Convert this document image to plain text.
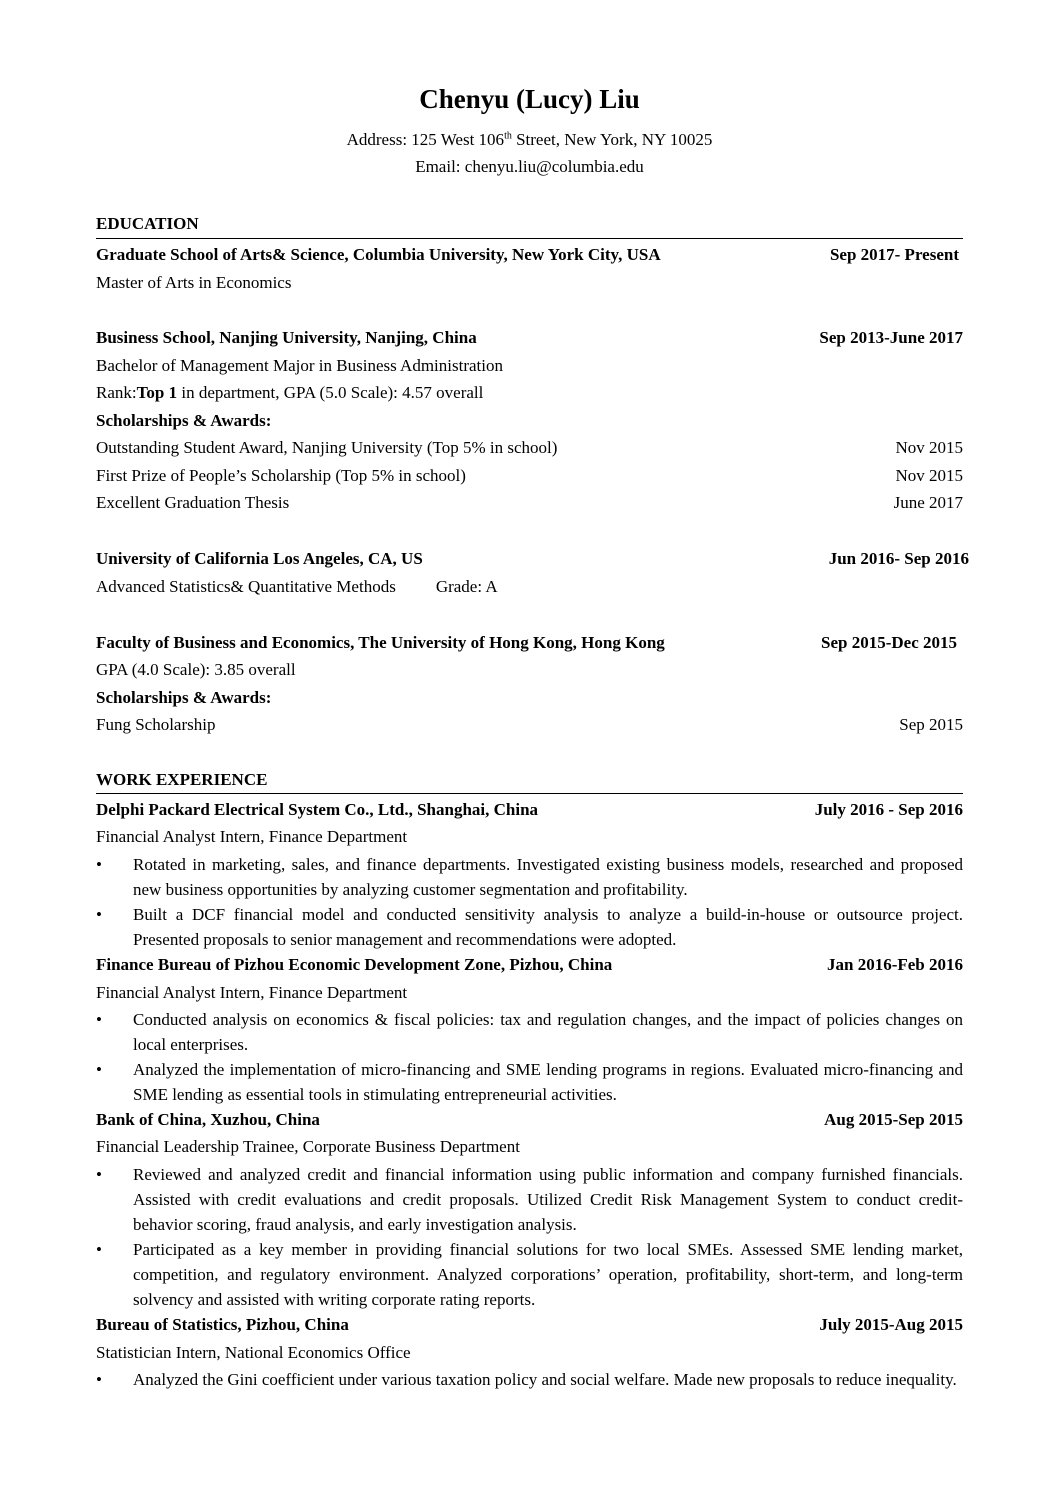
Chenyu (Lucy) Liu
Address: 125 West 106th Street, New York, NY 10025
Email: chenyu.liu@columbia.edu
EDUCATION
Graduate School of Arts& Science, Columbia University, New York City, USA	Sep 2017- Present
Master of Arts in Economics
Business School, Nanjing University, Nanjing, China	Sep 2013-June 2017
Bachelor of Management Major in Business Administration
Rank: Top 1 in department, GPA (5.0 Scale): 4.57 overall
Scholarships & Awards:
Outstanding Student Award, Nanjing University (Top 5% in school)	Nov 2015
First Prize of People’s Scholarship (Top 5% in school)	Nov 2015
Excellent Graduation Thesis	June 2017
University of California Los Angeles, CA, US	Jun 2016- Sep 2016
Advanced Statistics& Quantitative Methods Grade: A
Faculty of Business and Economics, The University of Hong Kong, Hong Kong	Sep 2015-Dec 2015
GPA (4.0 Scale): 3.85 overall
Scholarships & Awards:
Fung Scholarship	Sep 2015
WORK EXPERIENCE
Delphi Packard Electrical System Co., Ltd., Shanghai, China	July 2016 - Sep 2016
Financial Analyst Intern, Finance Department
• Rotated in marketing, sales, and finance departments. Investigated existing business models, researched and proposed new business opportunities by analyzing customer segmentation and profitability.
• Built a DCF financial model and conducted sensitivity analysis to analyze a build-in-house or outsource project. Presented proposals to senior management and recommendations were adopted.
Finance Bureau of Pizhou Economic Development Zone, Pizhou, China	Jan 2016-Feb 2016
Financial Analyst Intern, Finance Department
• Conducted analysis on economics & fiscal policies: tax and regulation changes, and the impact of policies changes on local enterprises.
• Analyzed the implementation of micro-financing and SME lending programs in regions. Evaluated micro-financing and SME lending as essential tools in stimulating entrepreneurial activities.
Bank of China, Xuzhou, China	Aug 2015-Sep 2015
Financial Leadership Trainee, Corporate Business Department
• Reviewed and analyzed credit and financial information using public information and company furnished financials. Assisted with credit evaluations and credit proposals. Utilized Credit Risk Management System to conduct credit-behavior scoring, fraud analysis, and early investigation analysis.
• Participated as a key member in providing financial solutions for two local SMEs. Assessed SME lending market, competition, and regulatory environment. Analyzed corporations’ operation, profitability, short-term, and long-term solvency and assisted with writing corporate rating reports.
Bureau of Statistics, Pizhou, China	July 2015-Aug 2015
Statistician Intern, National Economics Office
• Analyzed the Gini coefficient under various taxation policy and social welfare. Made new proposals to reduce inequality.
